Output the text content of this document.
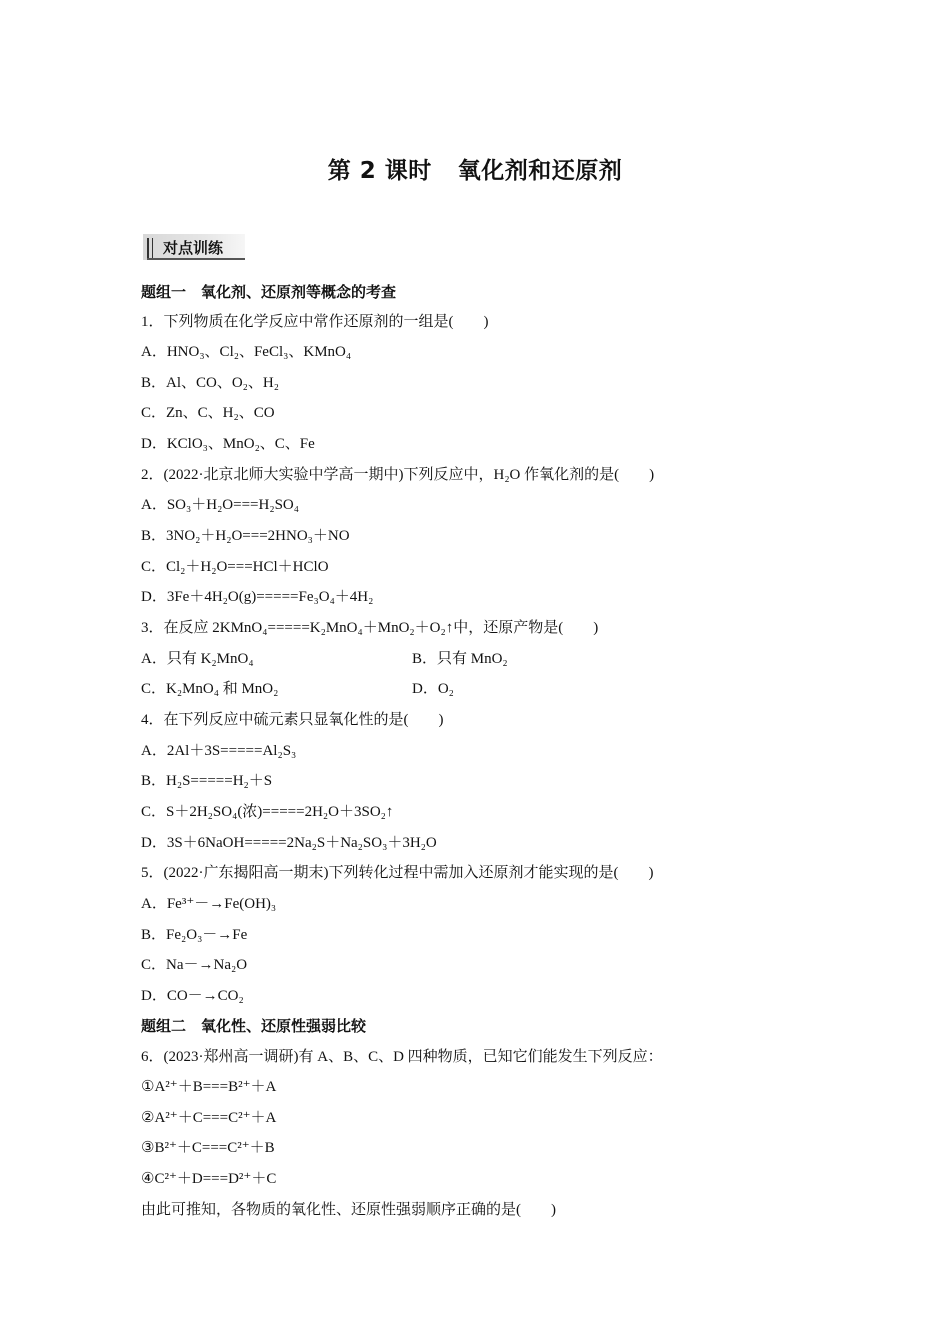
第 2 课时 氧化剂和还原剂
对点训练
题组一　氧化剂、还原剂等概念的考查
1．下列物质在化学反应中常作还原剂的一组是(　　)
A．HNO₃、Cl₂、FeCl₃、KMnO₄
B．Al、CO、O₂、H₂
C．Zn、C、H₂、CO
D．KClO₃、MnO₂、C、Fe
2．(2022·北京北师大实验中学高一期中)下列反应中，H₂O 作氧化剂的是(　　)
A．SO₃＋H₂O===H₂SO₄
B．3NO₂＋H₂O===2HNO₃＋NO
C．Cl₂＋H₂O===HCl＋HClO
D．3Fe＋4H₂O(g)=====Fe₃O₄＋4H₂
3．在反应 2KMnO₄=====K₂MnO₄＋MnO₂＋O₂↑中，还原产物是(　　)
A．只有 K₂MnO₄	B．只有 MnO₂
C．K₂MnO₄ 和 MnO₂	D．O₂
4．在下列反应中硫元素只显氧化性的是(　　)
A．2Al＋3S=====Al₂S₃
B．H₂S=====H₂＋S
C．S＋2H₂SO₄(浓)=====2H₂O＋3SO₂↑
D．3S＋6NaOH=====2Na₂S＋Na₂SO₃＋3H₂O
5．(2022·广东揭阳高一期末)下列转化过程中需加入还原剂才能实现的是(　　)
A．Fe³⁺－→Fe(OH)₃
B．Fe₂O₃－→Fe
C．Na－→Na₂O
D．CO－→CO₂
题组二　氧化性、还原性强弱比较
6．(2023·郑州高一调研)有 A、B、C、D 四种物质，已知它们能发生下列反应：
①A²⁺＋B===B²⁺＋A
②A²⁺＋C===C²⁺＋A
③B²⁺＋C===C²⁺＋B
④C²⁺＋D===D²⁺＋C
由此可推知，各物质的氧化性、还原性强弱顺序正确的是(　　)
